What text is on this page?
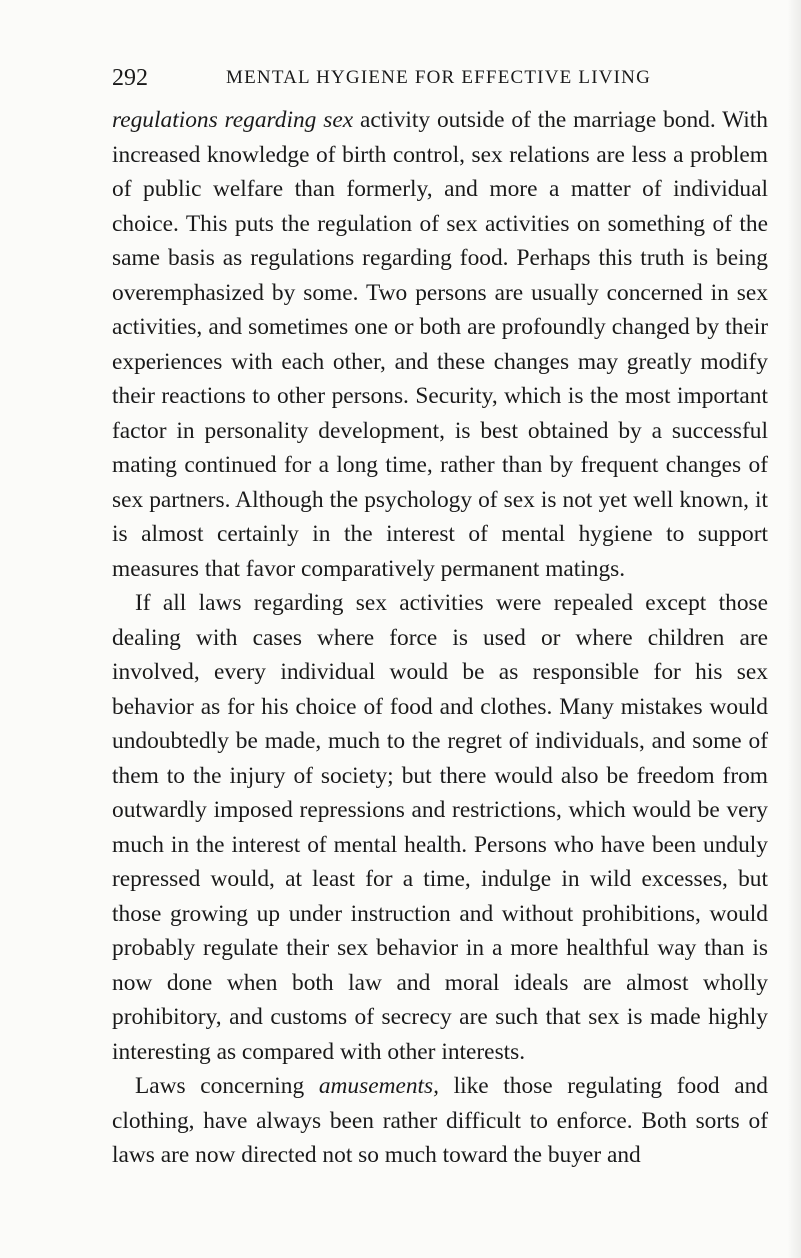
292	MENTAL HYGIENE FOR EFFECTIVE LIVING

regulations regarding sex activity outside of the marriage bond. With increased knowledge of birth control, sex relations are less a problem of public welfare than formerly, and more a matter of individual choice. This puts the regulation of sex activities on something of the same basis as regulations regarding food. Perhaps this truth is being overemphasized by some. Two persons are usually concerned in sex activities, and sometimes one or both are profoundly changed by their experiences with each other, and these changes may greatly modify their reactions to other persons. Security, which is the most important factor in personality development, is best obtained by a successful mating continued for a long time, rather than by frequent changes of sex partners. Although the psychology of sex is not yet well known, it is almost certainly in the interest of mental hygiene to support measures that favor comparatively permanent matings.

If all laws regarding sex activities were repealed except those dealing with cases where force is used or where children are involved, every individual would be as responsible for his sex behavior as for his choice of food and clothes. Many mistakes would undoubtedly be made, much to the regret of individuals, and some of them to the injury of society; but there would also be freedom from outwardly imposed repressions and restrictions, which would be very much in the interest of mental health. Persons who have been unduly repressed would, at least for a time, indulge in wild excesses, but those growing up under instruction and without prohibitions, would probably regulate their sex behavior in a more healthful way than is now done when both law and moral ideals are almost wholly prohibitory, and customs of secrecy are such that sex is made highly interesting as compared with other interests.

Laws concerning amusements, like those regulating food and clothing, have always been rather difficult to enforce. Both sorts of laws are now directed not so much toward the buyer and
